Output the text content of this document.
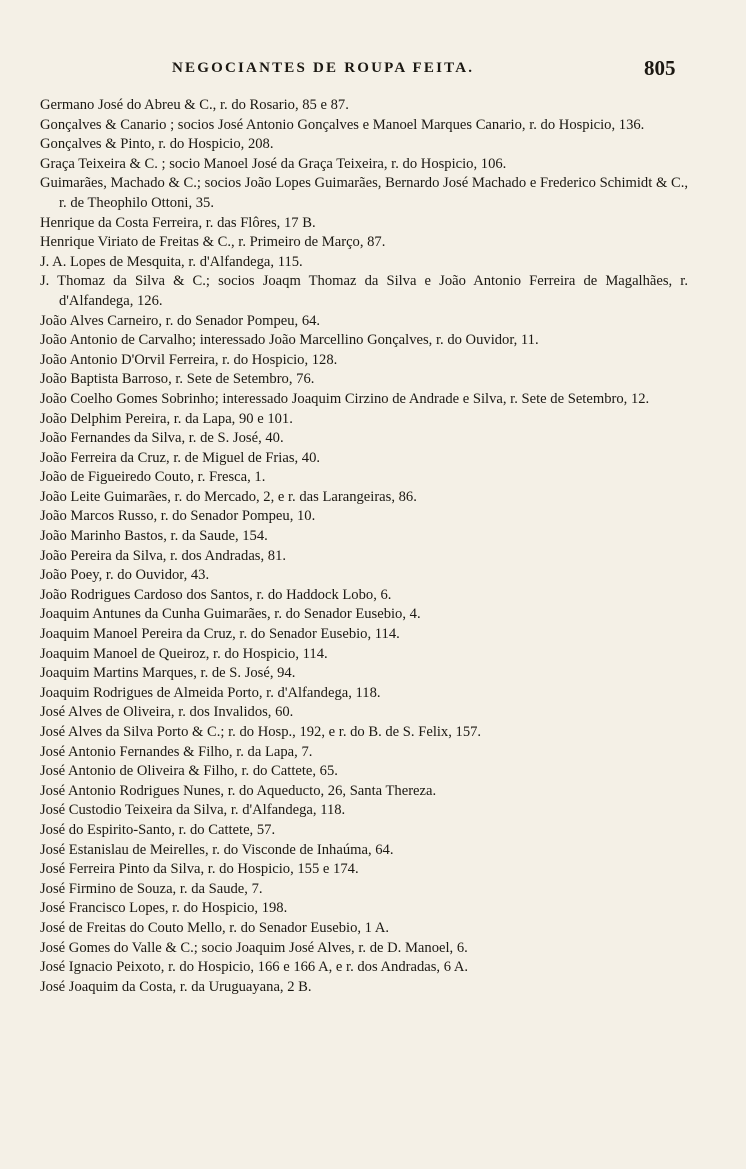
NEGOCIANTES DE ROUPA FEITA.	805
Germano José do Abreu & C., r. do Rosario, 85 e 87.
Gonçalves & Canario ; socios José Antonio Gonçalves e Manoel Marques Canario, r. do Hospicio, 136.
Gonçalves & Pinto, r. do Hospicio, 208.
Graça Teixeira & C. ; socio Manoel José da Graça Teixeira, r. do Hospicio, 106.
Guimarães, Machado & C.; socios João Lopes Guimarães, Bernardo José Machado e Frederico Schimidt & C., r. de Theophilo Ottoni, 35.
Henrique da Costa Ferreira, r. das Flôres, 17 B.
Henrique Viriato de Freitas & C., r. Primeiro de Março, 87.
J. A. Lopes de Mesquita, r. d'Alfandega, 115.
J. Thomaz da Silva & C.; socios Joaqm Thomaz da Silva e João Antonio Ferreira de Magalhães, r. d'Alfandega, 126.
João Alves Carneiro, r. do Senador Pompeu, 64.
João Antonio de Carvalho; interessado João Marcellino Gonçalves, r. do Ouvidor, 11.
João Antonio D'Orvil Ferreira, r. do Hospicio, 128.
João Baptista Barroso, r. Sete de Setembro, 76.
João Coelho Gomes Sobrinho; interessado Joaquim Cirzino de Andrade e Silva, r. Sete de Setembro, 12.
João Delphim Pereira, r. da Lapa, 90 e 101.
João Fernandes da Silva, r. de S. José, 40.
João Ferreira da Cruz, r. de Miguel de Frias, 40.
João de Figueiredo Couto, r. Fresca, 1.
João Leite Guimarães, r. do Mercado, 2, e r. das Larangeiras, 86.
João Marcos Russo, r. do Senador Pompeu, 10.
João Marinho Bastos, r. da Saude, 154.
João Pereira da Silva, r. dos Andradas, 81.
João Poey, r. do Ouvidor, 43.
João Rodrigues Cardoso dos Santos, r. do Haddock Lobo, 6.
Joaquim Antunes da Cunha Guimarães, r. do Senador Eusebio, 4.
Joaquim Manoel Pereira da Cruz, r. do Senador Eusebio, 114.
Joaquim Manoel de Queiroz, r. do Hospicio, 114.
Joaquim Martins Marques, r. de S. José, 94.
Joaquim Rodrigues de Almeida Porto, r. d'Alfandega, 118.
José Alves de Oliveira, r. dos Invalidos, 60.
José Alves da Silva Porto & C.; r. do Hosp., 192, e r. do B. de S. Felix, 157.
José Antonio Fernandes & Filho, r. da Lapa, 7.
José Antonio de Oliveira & Filho, r. do Cattete, 65.
José Antonio Rodrigues Nunes, r. do Aqueducto, 26, Santa Thereza.
José Custodio Teixeira da Silva, r. d'Alfandega, 118.
José do Espirito-Santo, r. do Cattete, 57.
José Estanislau de Meirelles, r. do Visconde de Inhaúma, 64.
José Ferreira Pinto da Silva, r. do Hospicio, 155 e 174.
José Firmino de Souza, r. da Saude, 7.
José Francisco Lopes, r. do Hospicio, 198.
José de Freitas do Couto Mello, r. do Senador Eusebio, 1 A.
José Gomes do Valle & C.; socio Joaquim José Alves, r. de D. Manoel, 6.
José Ignacio Peixoto, r. do Hospicio, 166 e 166 A, e r. dos Andradas, 6 A.
José Joaquim da Costa, r. da Uruguayana, 2 B.
